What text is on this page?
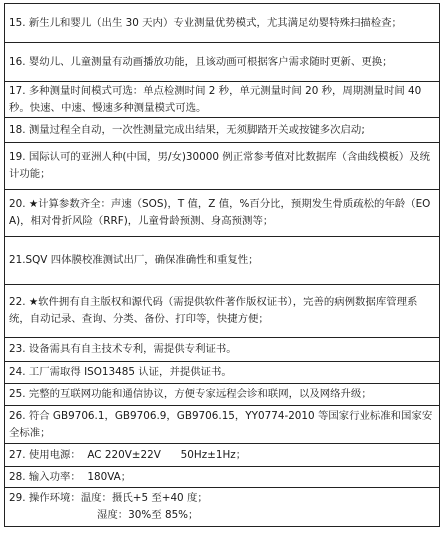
15. 新生儿和婴儿（出生 30 天内）专业测量优势模式，尤其满足幼婴特殊扫描检查；

16. 婴幼儿、儿童测量有动画播放功能，且该动画可根据客户需求随时更新、更换；

17. 多种测量时间模式可选：单点检测时间 2 秒，单元测量时间 20 秒，周期测量时间 40 秒。快速、中速、慢速多种测量模式可选。

18. 测量过程全自动，一次性测量完成出结果，无须脚踏开关或按键多次启动;

19. 国际认可的亚洲人种(中国，男/女)30000 例正常参考值对比数据库（含曲线模板）及统计功能；

20. ★计算参数齐全：声速（SOS)，T 值，Z 值，%百分比，预期发生骨质疏松的年龄（EOA)，相对骨折风险（RRF)，儿童骨龄预测、身高预测等；

21.SQV 四体膜校准测试出厂，确保准确性和重复性；

22. ★软件拥有自主版权和源代码（需提供软件著作版权证书），完善的病例数据库管理系统，自动记录、查询、分类、备份、打印等，快捷方便；

23. 设备需具有自主技术专利，需提供专利证书。

24. 工厂需取得 ISO13485 认证，并提供证书。

25. 完整的互联网功能和通信协议，方便专家远程会诊和联网，以及网络升级；

26. 符合 GB9706.1，GB9706.9，GB9706.15，YY0774-2010 等国家行业标准和国家安全标准；

27. 使用电源：  AC 220V±22V      50Hz±1Hz；

28. 输入功率：  180VA；

29. 操作环境：温度：摄氏+5 至+40 度；
湿度：30%至 85%；
